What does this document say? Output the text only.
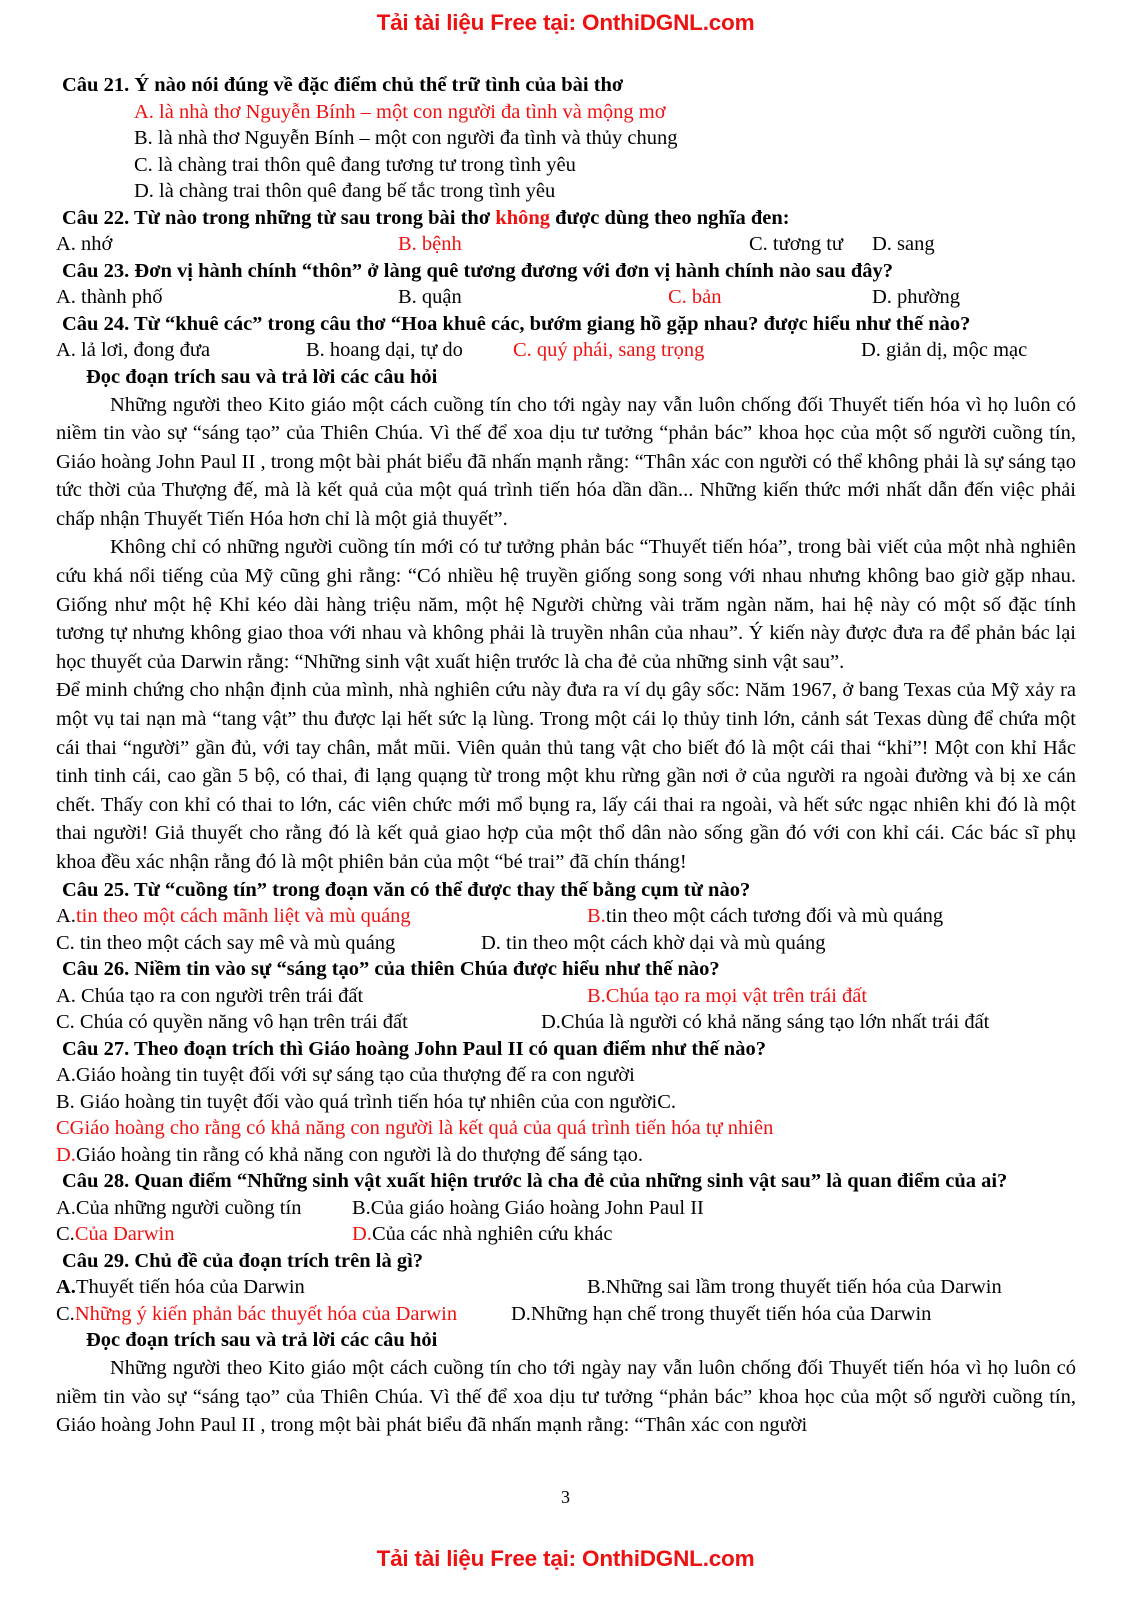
Tải tài liệu Free tại: OnthiDGNL.com
Câu 21. Ý nào nói đúng về đặc điểm chủ thể trữ tình của bài thơ
A. là nhà thơ Nguyễn Bính – một con người đa tình và mộng mơ
B. là nhà thơ Nguyễn Bính – một con người đa tình và thủy chung
C. là chàng trai thôn quê đang tương tư trong tình yêu
D. là chàng trai thôn quê đang bế tắc trong tình yêu
Câu 22. Từ nào trong những từ sau trong bài thơ không được dùng theo nghĩa đen:
A. nhớ	B. bệnh	C. tương tư	D. sang
Câu 23. Đơn vị hành chính “thôn” ở làng quê tương đương với đơn vị hành chính nào sau đây?
A. thành phố	B. quận	C. bản	D. phường
Câu 24. Từ “khuê các” trong câu thơ “Hoa khuê các, bướm giang hồ gặp nhau? được hiểu như thế nào?
A. lả lơi, đong đưa	B. hoang dại, tự do	C. quý phái, sang trọng	D. giản dị, mộc mạc
Đọc đoạn trích sau và trả lời các câu hỏi
Những người theo Kito giáo một cách cuồng tín cho tới ngày nay vẫn luôn chống đối Thuyết tiến hóa vì họ luôn có niềm tin vào sự “sáng tạo” của Thiên Chúa. Vì thế để xoa dịu tư tưởng “phản bác” khoa học của một số người cuồng tín, Giáo hoàng John Paul II , trong một bài phát biểu đã nhấn mạnh rằng: “Thân xác con người có thể không phải là sự sáng tạo tức thời của Thượng đế, mà là kết quả của một quá trình tiến hóa dần dần... Những kiến thức mới nhất dẫn đến việc phải chấp nhận Thuyết Tiến Hóa hơn chỉ là một giả thuyết”.
Không chỉ có những người cuồng tín mới có tư tưởng phản bác “Thuyết tiến hóa”, trong bài viết của một nhà nghiên cứu khá nổi tiếng của Mỹ cũng ghi rằng: “Có nhiều hệ truyền giống song song với nhau nhưng không bao giờ gặp nhau. Giống như một hệ Khỉ kéo dài hàng triệu năm, một hệ Người chừng vài trăm ngàn năm, hai hệ này có một số đặc tính tương tự nhưng không giao thoa với nhau và không phải là truyền nhân của nhau”. Ý kiến này được đưa ra để phản bác lại học thuyết của Darwin rằng: “Những sinh vật xuất hiện trước là cha đẻ của những sinh vật sau”.
Để minh chứng cho nhận định của mình, nhà nghiên cứu này đưa ra ví dụ gây sốc: Năm 1967, ở bang Texas của Mỹ xảy ra một vụ tai nạn mà “tang vật” thu được lại hết sức lạ lùng. Trong một cái lọ thủy tinh lớn, cảnh sát Texas dùng để chứa một cái thai “người” gần đủ, với tay chân, mắt mũi. Viên quản thủ tang vật cho biết đó là một cái thai “khỉ”! Một con khỉ Hắc tinh tinh cái, cao gần 5 bộ, có thai, đi lạng quạng từ trong một khu rừng gần nơi ở của người ra ngoài đường và bị xe cán chết. Thấy con khỉ có thai to lớn, các viên chức mới mổ bụng ra, lấy cái thai ra ngoài, và hết sức ngạc nhiên khi đó là một thai người! Giả thuyết cho rằng đó là kết quả giao hợp của một thổ dân nào sống gần đó với con khỉ cái. Các bác sĩ phụ khoa đều xác nhận rằng đó là một phiên bản của một “bé trai” đã chín tháng!
Câu 25. Từ “cuồng tín” trong đoạn văn có thể được thay thế bằng cụm từ nào?
A.tin theo một cách mãnh liệt và mù quáng	B.tin theo một cách tương đối và mù quáng
C. tin theo một cách say mê và mù quáng	D. tin theo một cách khờ dại và mù quáng
Câu 26. Niềm tin vào sự “sáng tạo” của thiên Chúa được hiểu như thế nào?
A. Chúa tạo ra con người trên trái đất	B.Chúa tạo ra mọi vật trên trái đất
C. Chúa có quyền năng vô hạn trên trái đất	D.Chúa là người có khả năng sáng tạo lớn nhất trái đất
Câu 27. Theo đoạn trích thì Giáo hoàng John Paul II có quan điểm như thế nào?
A.Giáo hoàng tin tuyệt đối với sự sáng tạo của thượng đế ra con người
B. Giáo hoàng tin tuyệt đối vào quá trình tiến hóa tự nhiên của con ngườiC.
CGiáo hoàng cho rằng có khả năng con người là kết quả của quá trình tiến hóa tự nhiên
D.Giáo hoàng tin rằng có khả năng con người là do thượng đế sáng tạo.
Câu 28. Quan điểm “Những sinh vật xuất hiện trước là cha đẻ của những sinh vật sau” là quan điểm của ai?
A.Của những người cuồng tín	B.Của giáo hoàng Giáo hoàng John Paul II
C.Của Darwin	D.Của các nhà nghiên cứu khác
Câu 29. Chủ đề của đoạn trích trên là gì?
A.Thuyết tiến hóa của Darwin	B.Những sai lầm trong thuyết tiến hóa của Darwin
C.Những ý kiến phản bác thuyết hóa của Darwin	D.Những hạn chế trong thuyết tiến hóa của Darwin
Đọc đoạn trích sau và trả lời các câu hỏi
Những người theo Kito giáo một cách cuồng tín cho tới ngày nay vẫn luôn chống đối Thuyết tiến hóa vì họ luôn có niềm tin vào sự “sáng tạo” của Thiên Chúa. Vì thế để xoa dịu tư tưởng “phản bác” khoa học của một số người cuồng tín, Giáo hoàng John Paul II , trong một bài phát biểu đã nhấn mạnh rằng: “Thân xác con người
3
Tải tài liệu Free tại: OnthiDGNL.com
